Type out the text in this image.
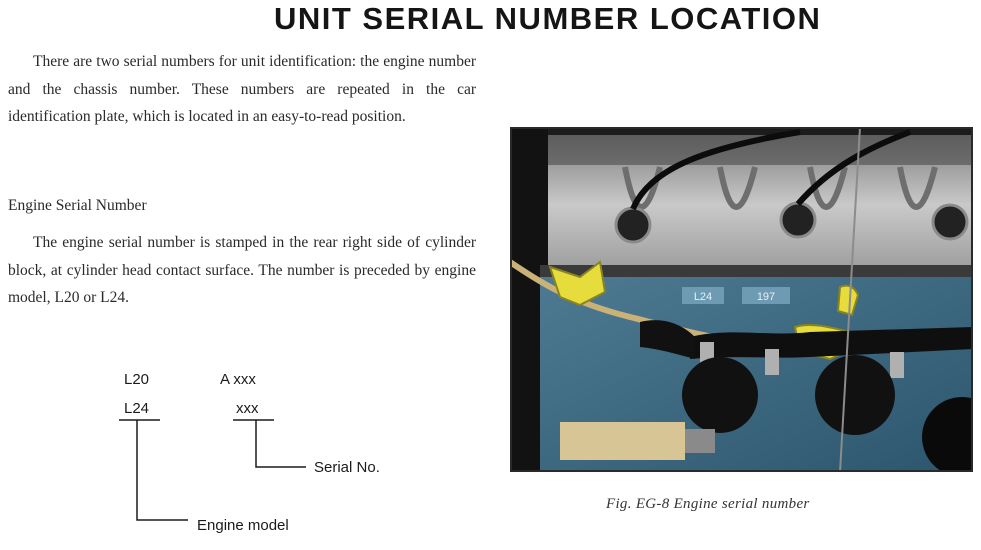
UNIT SERIAL NUMBER LOCATION

There are two serial numbers for unit identification: the engine number and the chassis number. These numbers are repeated in the car identification plate, which is located in an easy-to-read position.

Engine Serial Number

The engine serial number is stamped in the rear right side of cylinder block, at cylinder head contact surface. The number is preceded by engine model, L20 or L24.

L20	A xxx
L24	xxx
Serial No.
Engine model
L24	197
Fig. EG-8 Engine serial number
